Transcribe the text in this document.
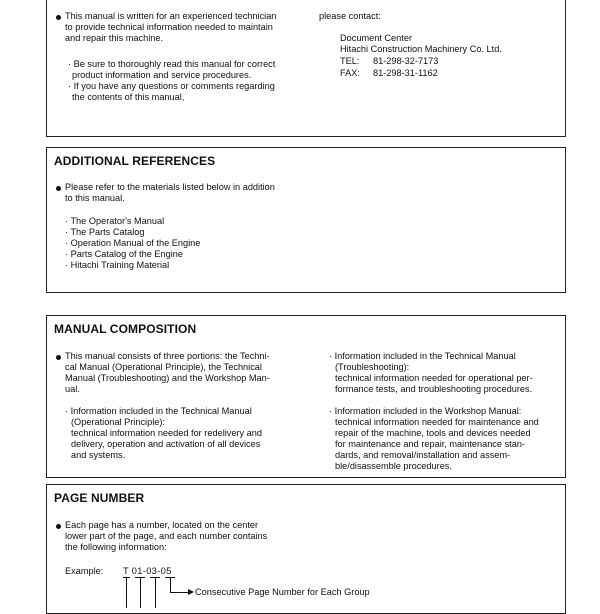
This manual is written for an experienced technician
to provide technical information needed to maintain
and repair this machine.
· Be sure to thoroughly read this manual for correct
product information and service procedures.
· If you have any questions or comments regarding
the contents of this manual,
please contact:
Document Center
Hitachi Construction Machinery Co. Ltd.
TEL: 81-298-32-7173
FAX: 81-298-31-1162
ADDITIONAL REFERENCES
Please refer to the materials listed below in addition
to this manual.
· The Operator's Manual
· The Parts Catalog
· Operation Manual of the Engine
· Parts Catalog of the Engine
· Hitachi Training Material
MANUAL COMPOSITION
This manual consists of three portions: the Techni-
cal Manual (Operational Principle), the Technical
Manual (Troubleshooting) and the Workshop Man-
ual.
· Information included in the Technical Manual
(Operational Principle):
technical information needed for redelivery and
delivery, operation and activation of all devices
and systems.
· Information included in the Technical Manual
(Troubleshooting):
technical information needed for operational per-
formance tests, and troubleshooting procedures.
· Information included in the Workshop Manual:
technical information needed for maintenance and
repair of the machine, tools and devices needed
for maintenance and repair, maintenance stan-
dards, and removal/installation and assem-
ble/disassemble procedures.
PAGE NUMBER
Each page has a number, located on the center
lower part of the page, and each number contains
the following information:
Example: T 01-03-05
Consecutive Page Number for Each Group
